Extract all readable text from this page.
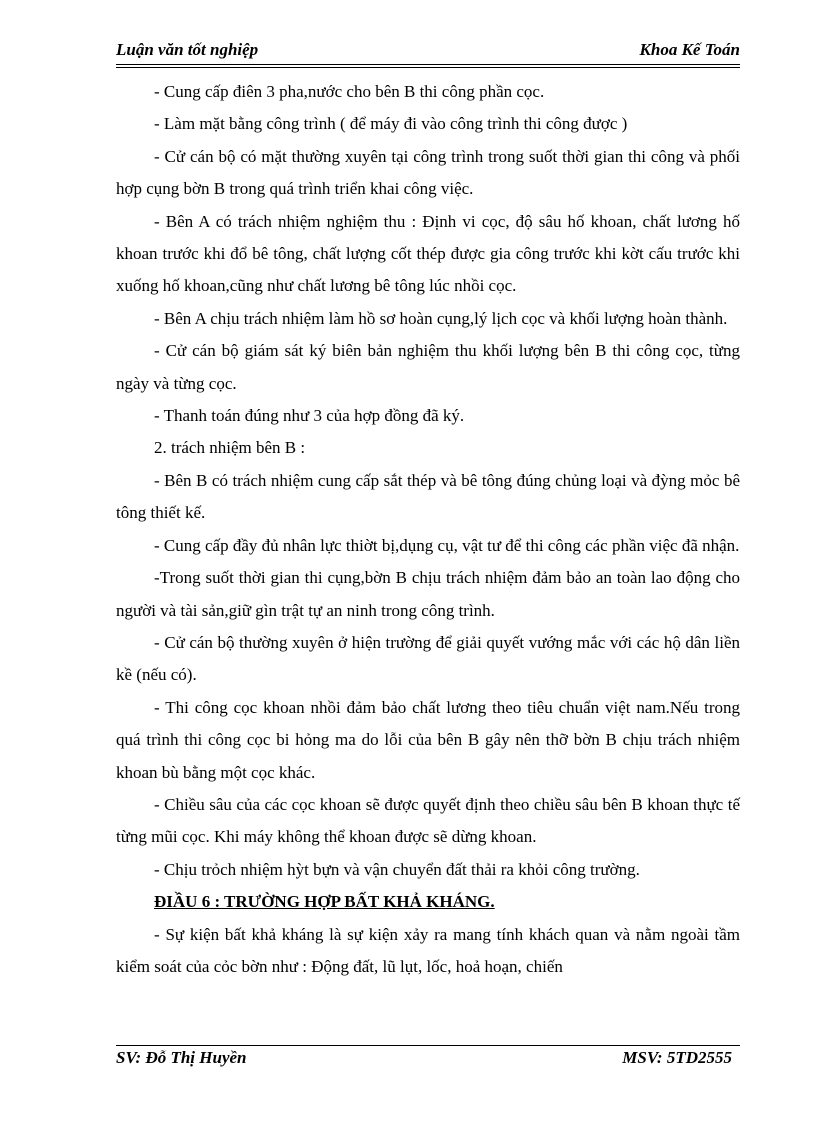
Luận văn tốt nghiệp	Khoa Kế Toán

- Cung cấp điên 3 pha,nước cho bên B thi công phần cọc.

- Làm mặt bằng công trình ( để máy đi vào công trình thi công được )

- Cử cán bộ có mặt thường xuyên tại công trình trong suốt thời gian thi công và phối hợp cụng bờn B trong quá trình triển khai công việc.

- Bên A có trách nhiệm nghiệm thu : Định vi cọc, độ sâu hố khoan, chất lương hố khoan trước khi đổ bê tông, chất lượng cốt thép được gia công trước khi kờt cấu trước khi xuống hố khoan,cũng như chất lương bê tông lúc nhồi cọc.

- Bên A chịu trách nhiệm làm hồ sơ hoàn cụng,lý lịch cọc và khối lượng hoàn thành.

- Cử cán bộ giám sát ký biên bản nghiệm thu khối lượng bên B thi công cọc, từng ngày và từng cọc.

- Thanh toán đúng như 3 của hợp đồng đã ký.

2. trách nhiệm bên B :

- Bên B có trách nhiệm cung cấp sắt thép và bê tông đúng chủng loại và đỳng mỏc bê tông thiết kế.

- Cung cấp đầy đủ nhân lực thiờt bị,dụng cụ, vật tư để thi công các phần việc đã nhận.

-Trong suốt thời gian thi cụng,bờn B chịu trách nhiệm đảm bảo an toàn lao động cho người và tài sản,giữ gìn trật tự an ninh trong công trình.

- Cử cán bộ thường xuyên ở hiện trường để giải quyết vướng mắc với các hộ dân liền kề (nếu có).

- Thi công cọc khoan nhồi đảm bảo chất lương theo tiêu chuẩn việt nam.Nếu trong quá trình thi công cọc bi hỏng ma do lỗi của bên B gây nên thỡ bờn B chịu trách nhiệm khoan bù bằng một cọc khác.

- Chiều sâu của các cọc khoan sẽ được quyết định theo chiều sâu bên B khoan thực tế từng mũi cọc. Khi máy không thể khoan được sẽ dừng khoan.

- Chịu trỏch nhiệm hỳt bựn và vận chuyển đất thải ra khỏi công trường.

ĐIẦU 6 : TRƯỜNG HỢP BẤT KHẢ KHÁNG.

- Sự kiện bất khả kháng là sự kiện xảy ra mang tính khách quan và nằm ngoài tầm kiểm soát của cỏc bờn như : Động đất, lũ lụt, lốc, hoả hoạn, chiến

SV: Đỗ Thị Huyền	MSV: 5TD2555
